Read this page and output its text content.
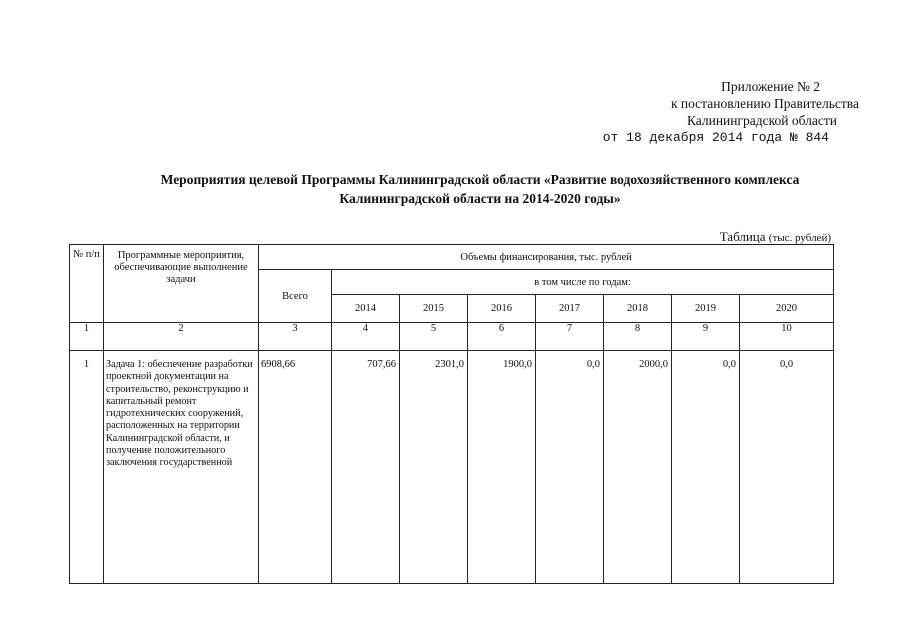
Приложение № 2
к постановлению Правительства
Калининградской области
от 18 декабря 2014 года № 844
Мероприятия целевой Программы Калининградской области «Развитие водохозяйственного комплекса
Калининградской области на 2014-2020 годы»
Таблица (тыс. рублей)
№ п/п	Программные мероприятия, обеспечивающие выполнение задачи	Объемы финансирования, тыс. рублей							
		Всего	в том числе по годам:						
			2014	2015	2016	2017	2018	2019	2020
1	2	3	4	5	6	7	8	9	10
1	Задача 1: обеспечение разработки проектной документации на строительство, реконструкцию и капитальный ремонт гидротехнических сооружений, расположенных на территории Калининградской области, и получение положительного заключения государственной	6908,66	707,66	2301,0	1900,0	0,0	2000,0	0,0	0,0
